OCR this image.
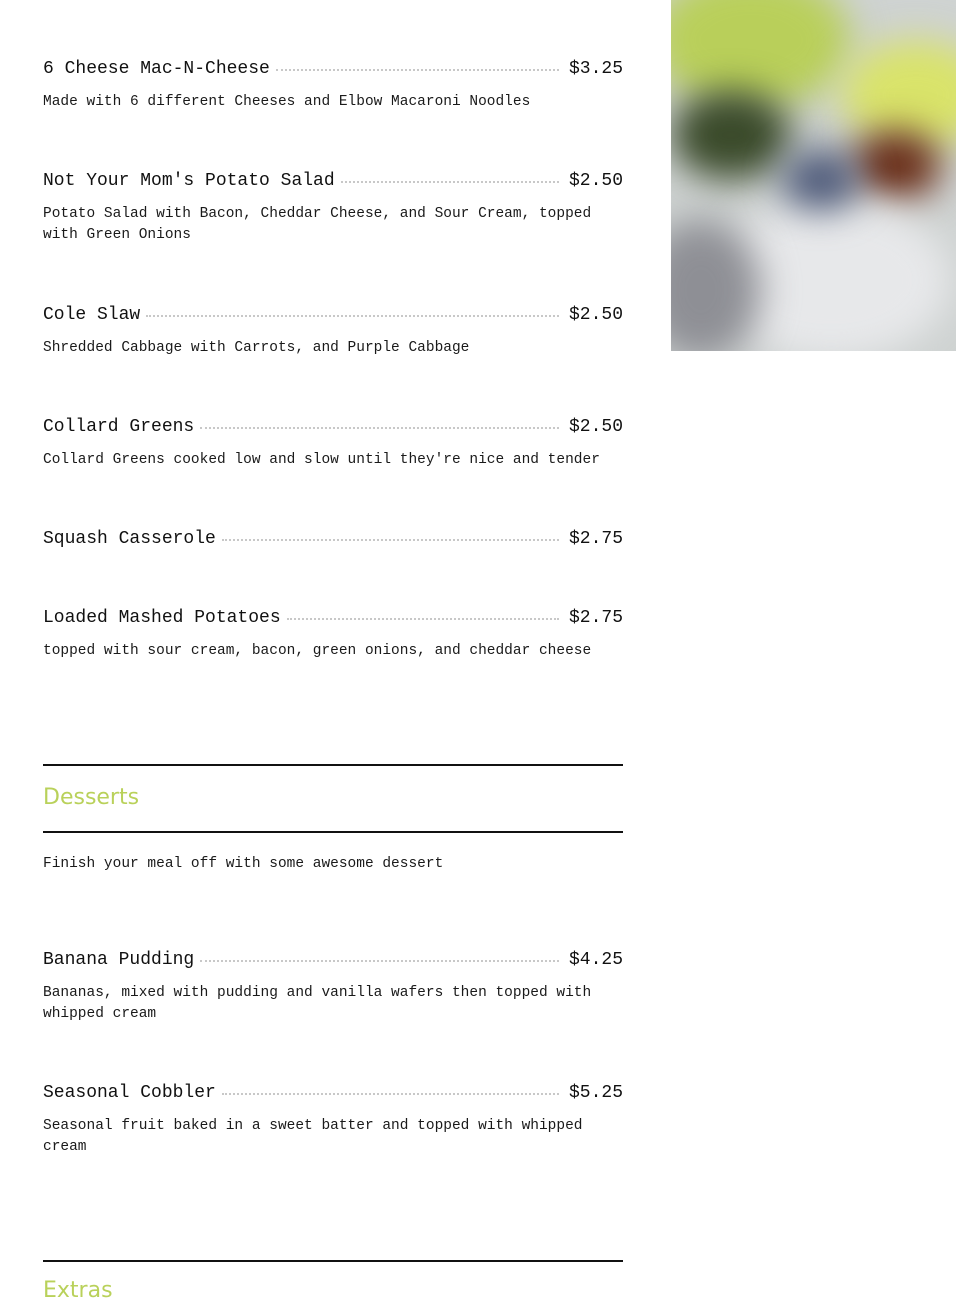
6 Cheese Mac-N-Cheese	$3.25
Made with 6 different Cheeses and Elbow Macaroni Noodles
Not Your Mom's Potato Salad	$2.50
Potato Salad with Bacon, Cheddar Cheese, and Sour Cream, topped with Green Onions
Cole Slaw	$2.50
Shredded Cabbage with Carrots, and Purple Cabbage
Collard Greens	$2.50
Collard Greens cooked low and slow until they're nice and tender
Squash Casserole	$2.75
Loaded Mashed Potatoes	$2.75
topped with sour cream, bacon, green onions, and cheddar cheese
Desserts
Finish your meal off with some awesome dessert
Banana Pudding	$4.25
Bananas, mixed with pudding and vanilla wafers then topped with whipped cream
Seasonal Cobbler	$5.25
Seasonal fruit baked in a sweet batter and topped with whipped cream
Extras
